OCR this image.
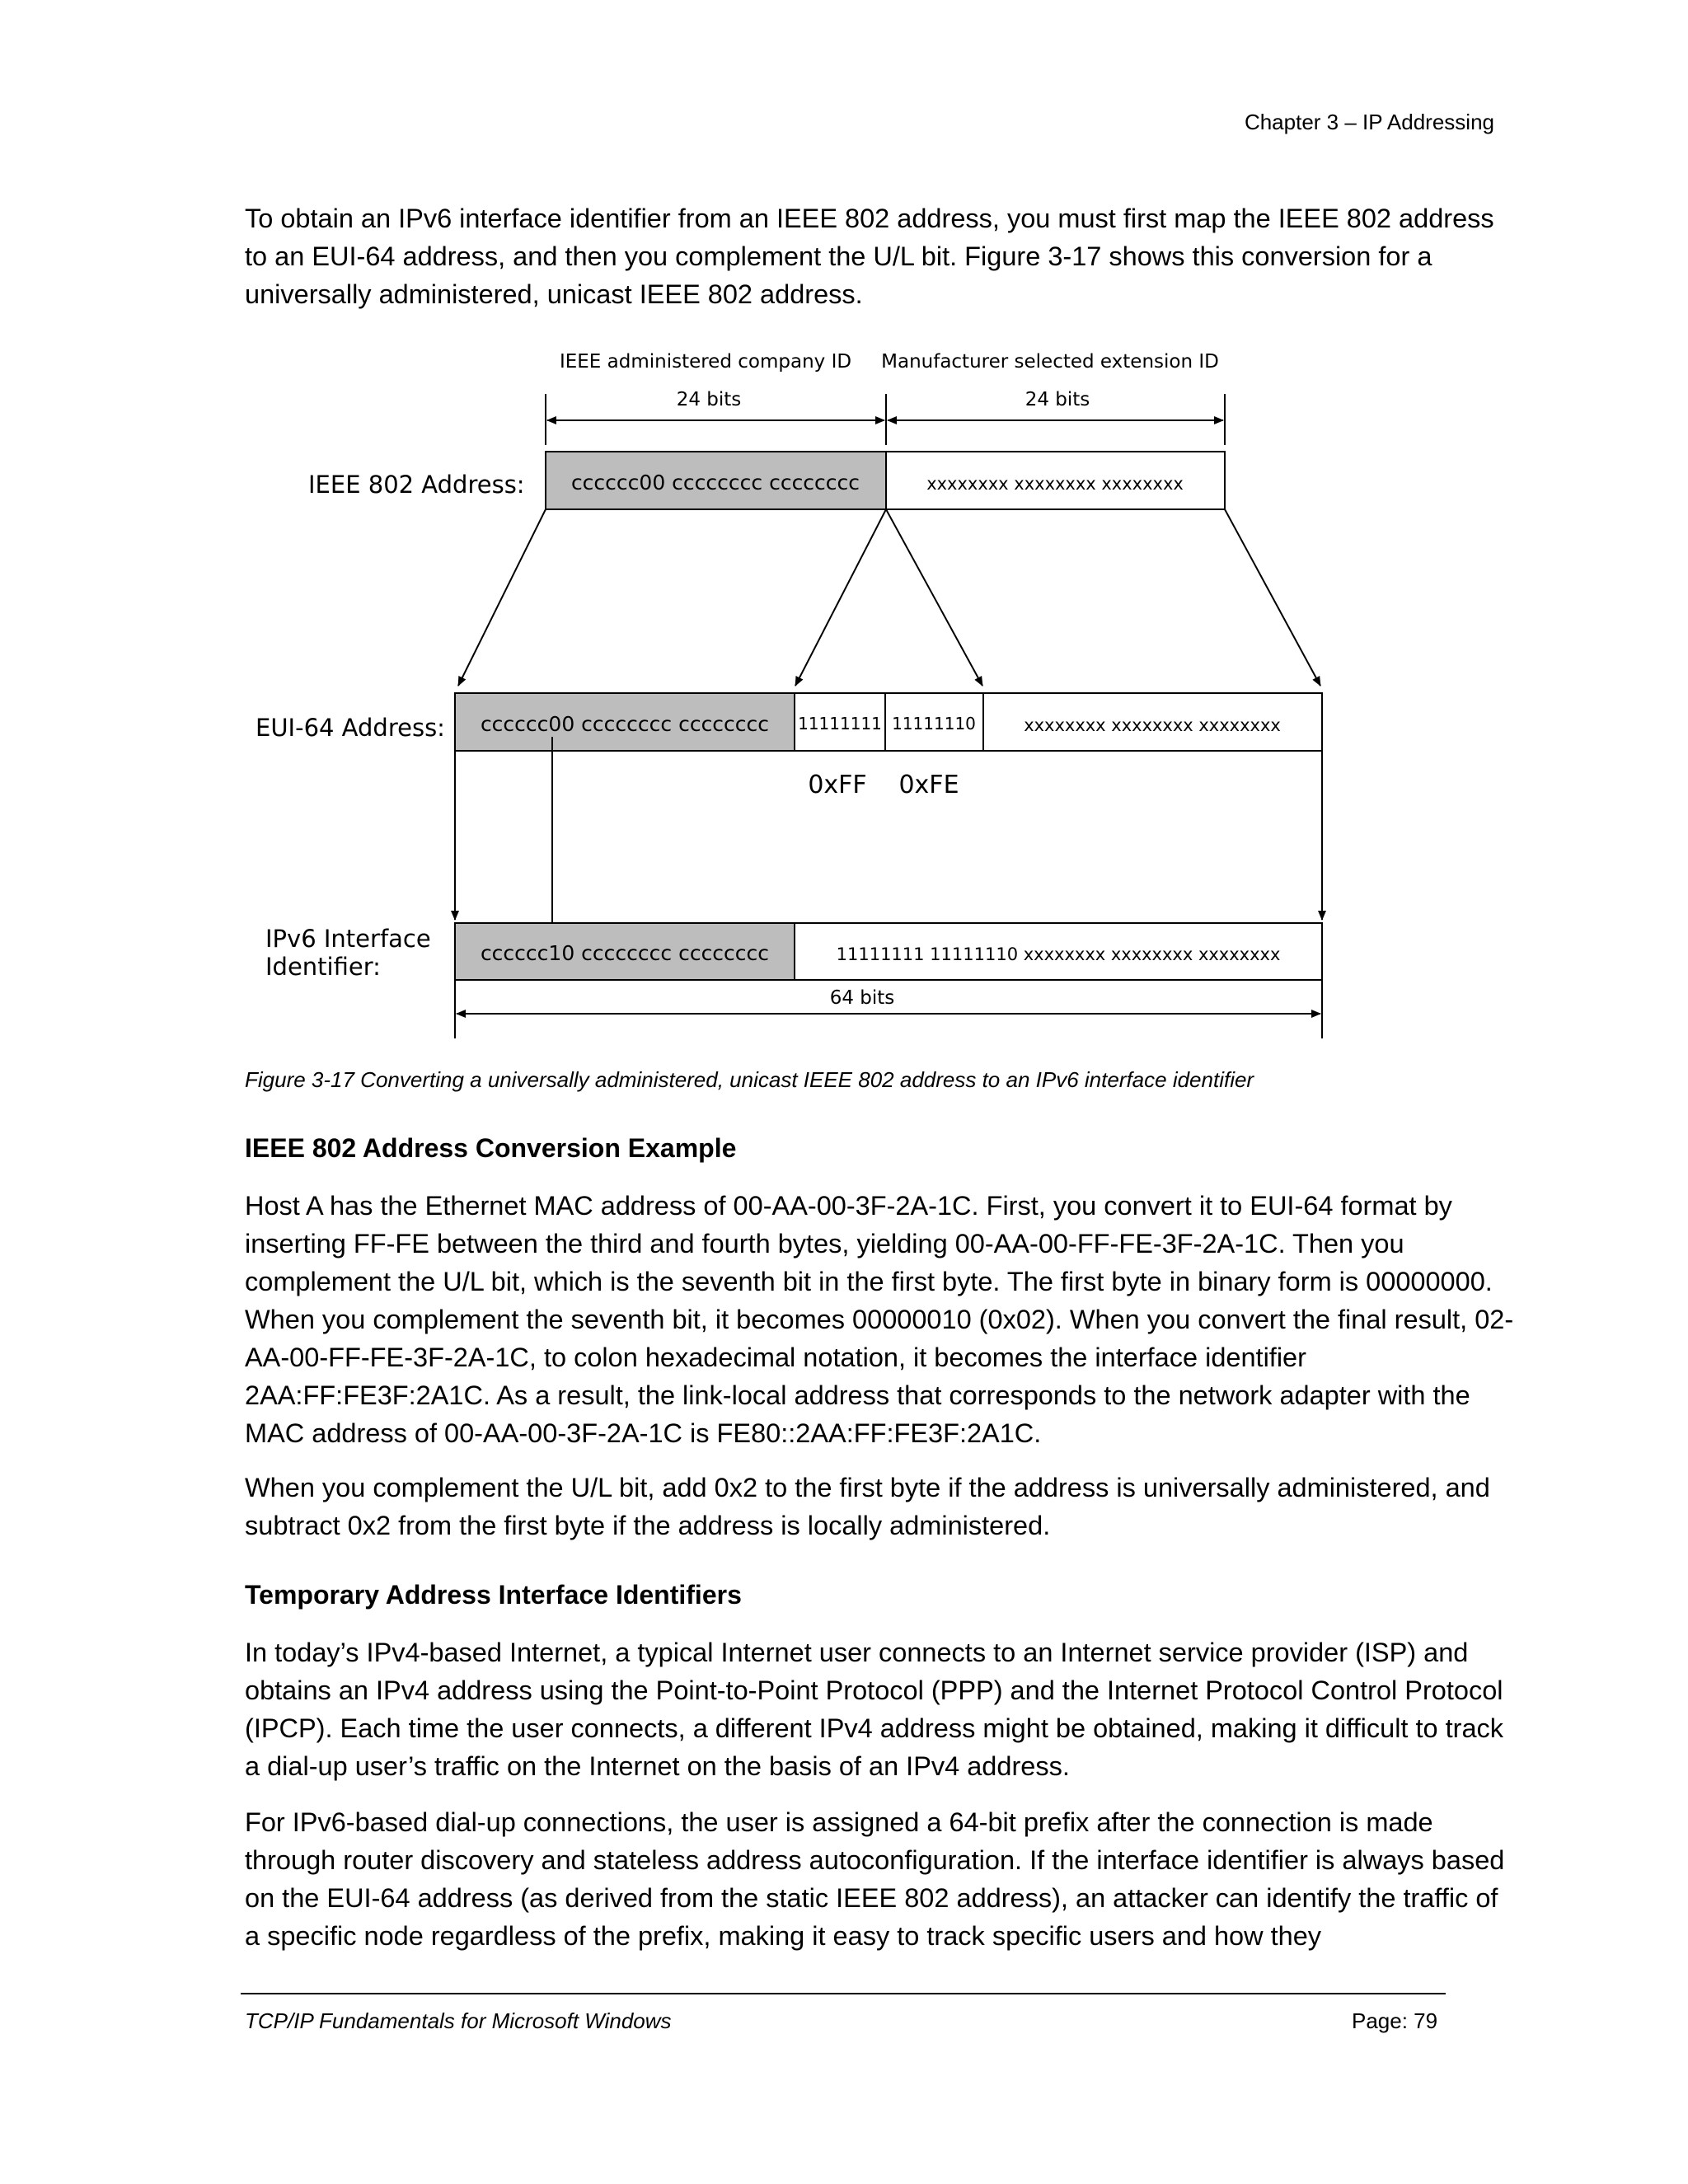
Chapter 3 – IP Addressing

To obtain an IPv6 interface identifier from an IEEE 802 address, you must first map the IEEE 802 address to an EUI-64 address, and then you complement the U/L bit. Figure 3-17 shows this conversion for a universally administered, unicast IEEE 802 address.

IEEE administered company ID Manufacturer selected extension ID
24 bits	24 bits
IEEE 802 Address: cccccc00 cccccccc cccccccc	xxxxxxxx xxxxxxxx xxxxxxxx
EUI-64 Address: cccccc00 cccccccc cccccccc 11111111 11111110	xxxxxxxx xxxxxxxx xxxxxxxx
0xFF 0xFE
IPv6 Interface
Identifier:	cccccc10 cccccccc cccccccc	11111111 11111110 xxxxxxxx xxxxxxxx xxxxxxxx
64 bits
Figure 3-17 Converting a universally administered, unicast IEEE 802 address to an IPv6 interface identifier
IEEE 802 Address Conversion Example

Host A has the Ethernet MAC address of 00-AA-00-3F-2A-1C. First, you convert it to EUI-64 format by inserting FF-FE between the third and fourth bytes, yielding 00-AA-00-FF-FE-3F-2A-1C. Then you complement the U/L bit, which is the seventh bit in the first byte. The first byte in binary form is 00000000. When you complement the seventh bit, it becomes 00000010 (0x02). When you convert the final result, 02-AA-00-FF-FE-3F-2A-1C, to colon hexadecimal notation, it becomes the interface identifier 2AA:FF:FE3F:2A1C. As a result, the link-local address that corresponds to the network adapter with the MAC address of 00-AA-00-3F-2A-1C is FE80::2AA:FF:FE3F:2A1C.

When you complement the U/L bit, add 0x2 to the first byte if the address is universally administered, and subtract 0x2 from the first byte if the address is locally administered.

Temporary Address Interface Identifiers

In today’s IPv4-based Internet, a typical Internet user connects to an Internet service provider (ISP) and obtains an IPv4 address using the Point-to-Point Protocol (PPP) and the Internet Protocol Control Protocol (IPCP). Each time the user connects, a different IPv4 address might be obtained, making it difficult to track a dial-up user’s traffic on the Internet on the basis of an IPv4 address.

For IPv6-based dial-up connections, the user is assigned a 64-bit prefix after the connection is made through router discovery and stateless address autoconfiguration. If the interface identifier is always based on the EUI-64 address (as derived from the static IEEE 802 address), an attacker can identify the traffic of a specific node regardless of the prefix, making it easy to track specific users and how they

TCP/IP Fundamentals for Microsoft Windows	Page: 79
